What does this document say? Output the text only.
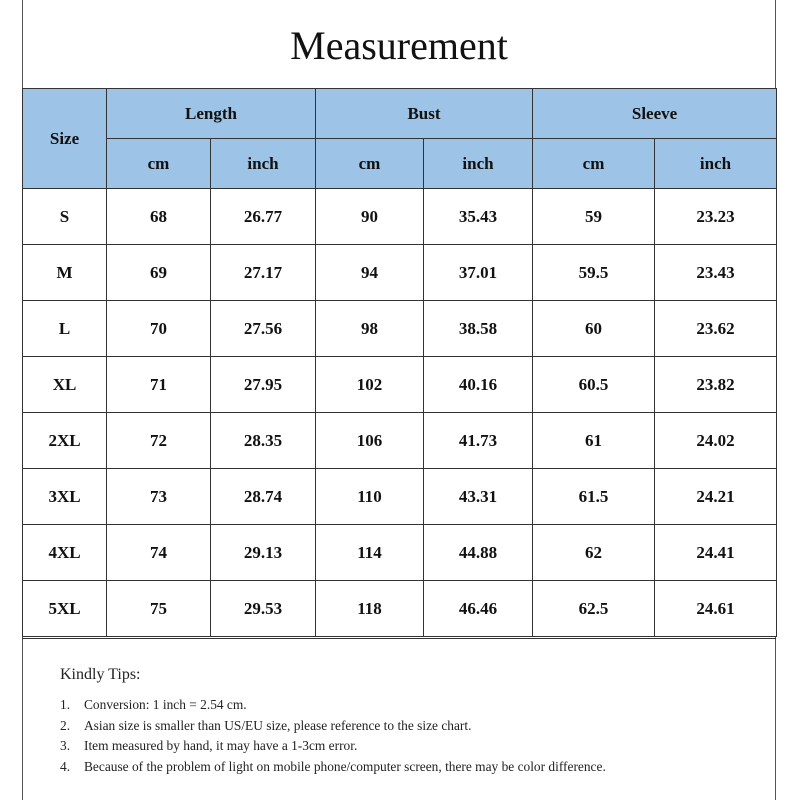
Measurement
Size	Length		Bust		Sleeve	
	cm	inch	cm	inch	cm	inch
S	68	26.77	90	35.43	59	23.23
M	69	27.17	94	37.01	59.5	23.43
L	70	27.56	98	38.58	60	23.62
XL	71	27.95	102	40.16	60.5	23.82
2XL	72	28.35	106	41.73	61	24.02
3XL	73	28.74	110	43.31	61.5	24.21
4XL	74	29.13	114	44.88	62	24.41
5XL	75	29.53	118	46.46	62.5	24.61
Kindly Tips:
1.	Conversion: 1 inch = 2.54 cm.
2.	Asian size is smaller than US/EU size, please reference to the size chart.
3.	Item measured by hand, it may have a 1-3cm error.
4.	Because of the problem of light on mobile phone/computer screen, there may be color difference.
